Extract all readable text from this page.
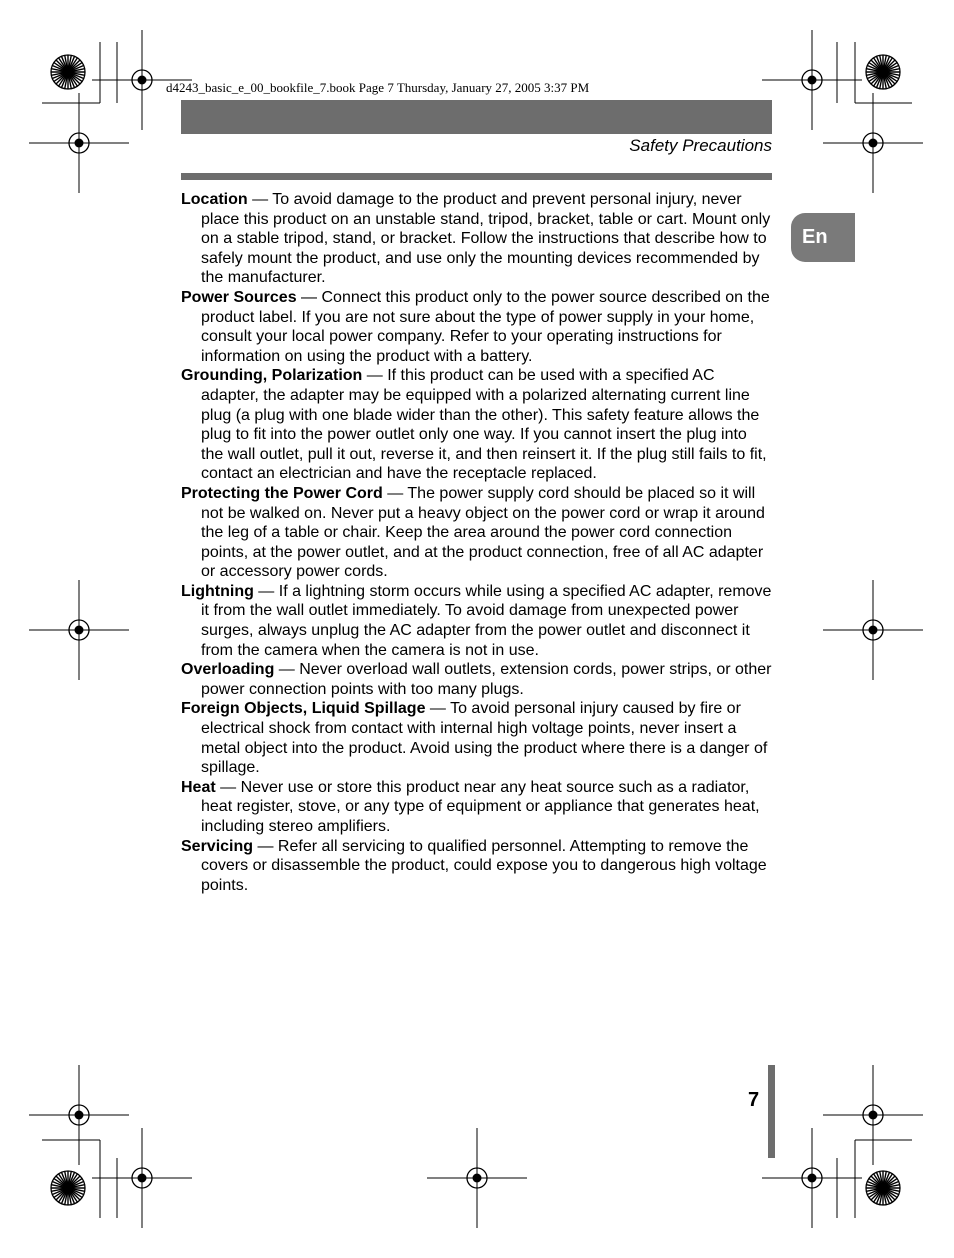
d4243_basic_e_00_bookfile_7.book Page 7 Thursday, January 27, 2005 3:37 PM
Safety Precautions
En

Location — To avoid damage to the product and prevent personal injury, never place this product on an unstable stand, tripod, bracket, table or cart. Mount only on a stable tripod, stand, or bracket. Follow the instructions that describe how to safely mount the product, and use only the mounting devices recommended by the manufacturer.

Power Sources — Connect this product only to the power source described on the product label. If you are not sure about the type of power supply in your home, consult your local power company. Refer to your operating instructions for information on using the product with a battery.

Grounding, Polarization — If this product can be used with a specified AC adapter, the adapter may be equipped with a polarized alternating current line plug (a plug with one blade wider than the other). This safety feature allows the plug to fit into the power outlet only one way. If you cannot insert the plug into the wall outlet, pull it out, reverse it, and then reinsert it. If the plug still fails to fit, contact an electrician and have the receptacle replaced.

Protecting the Power Cord — The power supply cord should be placed so it will not be walked on. Never put a heavy object on the power cord or wrap it around the leg of a table or chair. Keep the area around the power cord connection points, at the power outlet, and at the product connection, free of all AC adapter or accessory power cords.

Lightning — If a lightning storm occurs while using a specified AC adapter, remove it from the wall outlet immediately. To avoid damage from unexpected power surges, always unplug the AC adapter from the power outlet and disconnect it from the camera when the camera is not in use.

Overloading — Never overload wall outlets, extension cords, power strips, or other power connection points with too many plugs.

Foreign Objects, Liquid Spillage — To avoid personal injury caused by fire or electrical shock from contact with internal high voltage points, never insert a metal object into the product. Avoid using the product where there is a danger of spillage.

Heat — Never use or store this product near any heat source such as a radiator, heat register, stove, or any type of equipment or appliance that generates heat, including stereo amplifiers.

Servicing — Refer all servicing to qualified personnel. Attempting to remove the covers or disassemble the product, could expose you to dangerous high voltage points.

7
